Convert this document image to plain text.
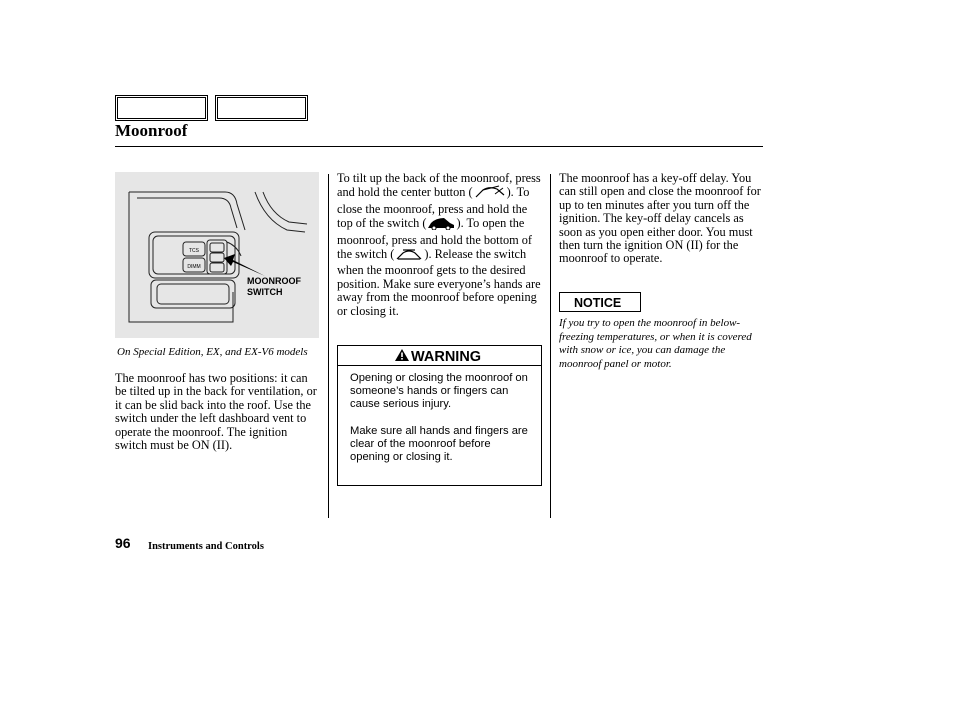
Moonroof
TCS
DIMM
MOONROOF
SWITCH
On Special Edition, EX, and EX-V6 models
The moonroof has two positions: it can be tilted up in the back for ventilation, or it can be slid back into the roof. Use the switch under the left dashboard vent to operate the moonroof. The ignition switch must be ON (II).
To tilt up the back of the moonroof, press and hold the center button (	). To close the moonroof, press and hold the top of the switch ( ). To open the moonroof, press and hold the bottom of the switch ( ). Release the switch when the moonroof gets to the desired position. Make sure everyone’s hands are away from the moonroof before opening or closing it.
WARNING

Opening or closing the moonroof on someone’s hands or fingers can cause serious injury.

Make sure all hands and fingers are clear of the moonroof before opening or closing it.

The moonroof has a key-off delay. You can still open and close the moonroof for up to ten minutes after you turn off the ignition. The key-off delay cancels as soon as you open either door. You must then turn the ignition ON (II) for the moonroof to operate.
NOTICE
If you try to open the moonroof in below-freezing temperatures, or when it is covered with snow or ice, you can damage the moonroof panel or motor.
96 Instruments and Controls
